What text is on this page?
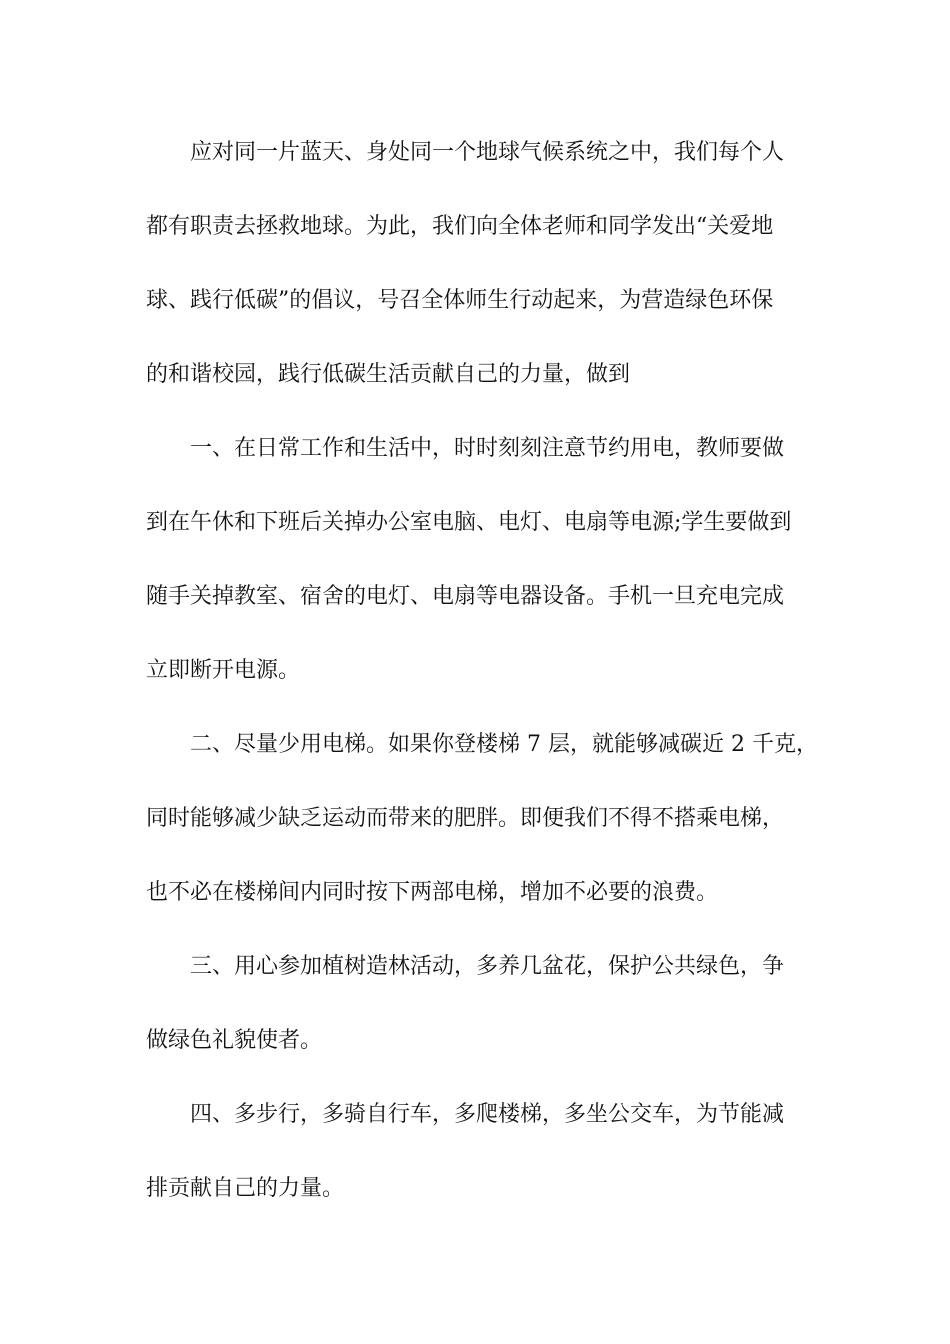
应对同一片蓝天、身处同一个地球气候系统之中，我们每个人
都有职责去拯救地球。为此，我们向全体老师和同学发出“关爱地
球、践行低碳”的倡议，号召全体师生行动起来，为营造绿色环保
的和谐校园，践行低碳生活贡献自己的力量，做到
一、在日常工作和生活中，时时刻刻注意节约用电，教师要做
到在午休和下班后关掉办公室电脑、电灯、电扇等电源;学生要做到
随手关掉教室、宿舍的电灯、电扇等电器设备。手机一旦充电完成
立即断开电源。
二、尽量少用电梯。如果你登楼梯 7 层，就能够减碳近 2 千克，
同时能够减少缺乏运动而带来的肥胖。即便我们不得不搭乘电梯，
也不必在楼梯间内同时按下两部电梯，增加不必要的浪费。
三、用心参加植树造林活动，多养几盆花，保护公共绿色，争
做绿色礼貌使者。
四、多步行，多骑自行车，多爬楼梯，多坐公交车，为节能减
排贡献自己的力量。
